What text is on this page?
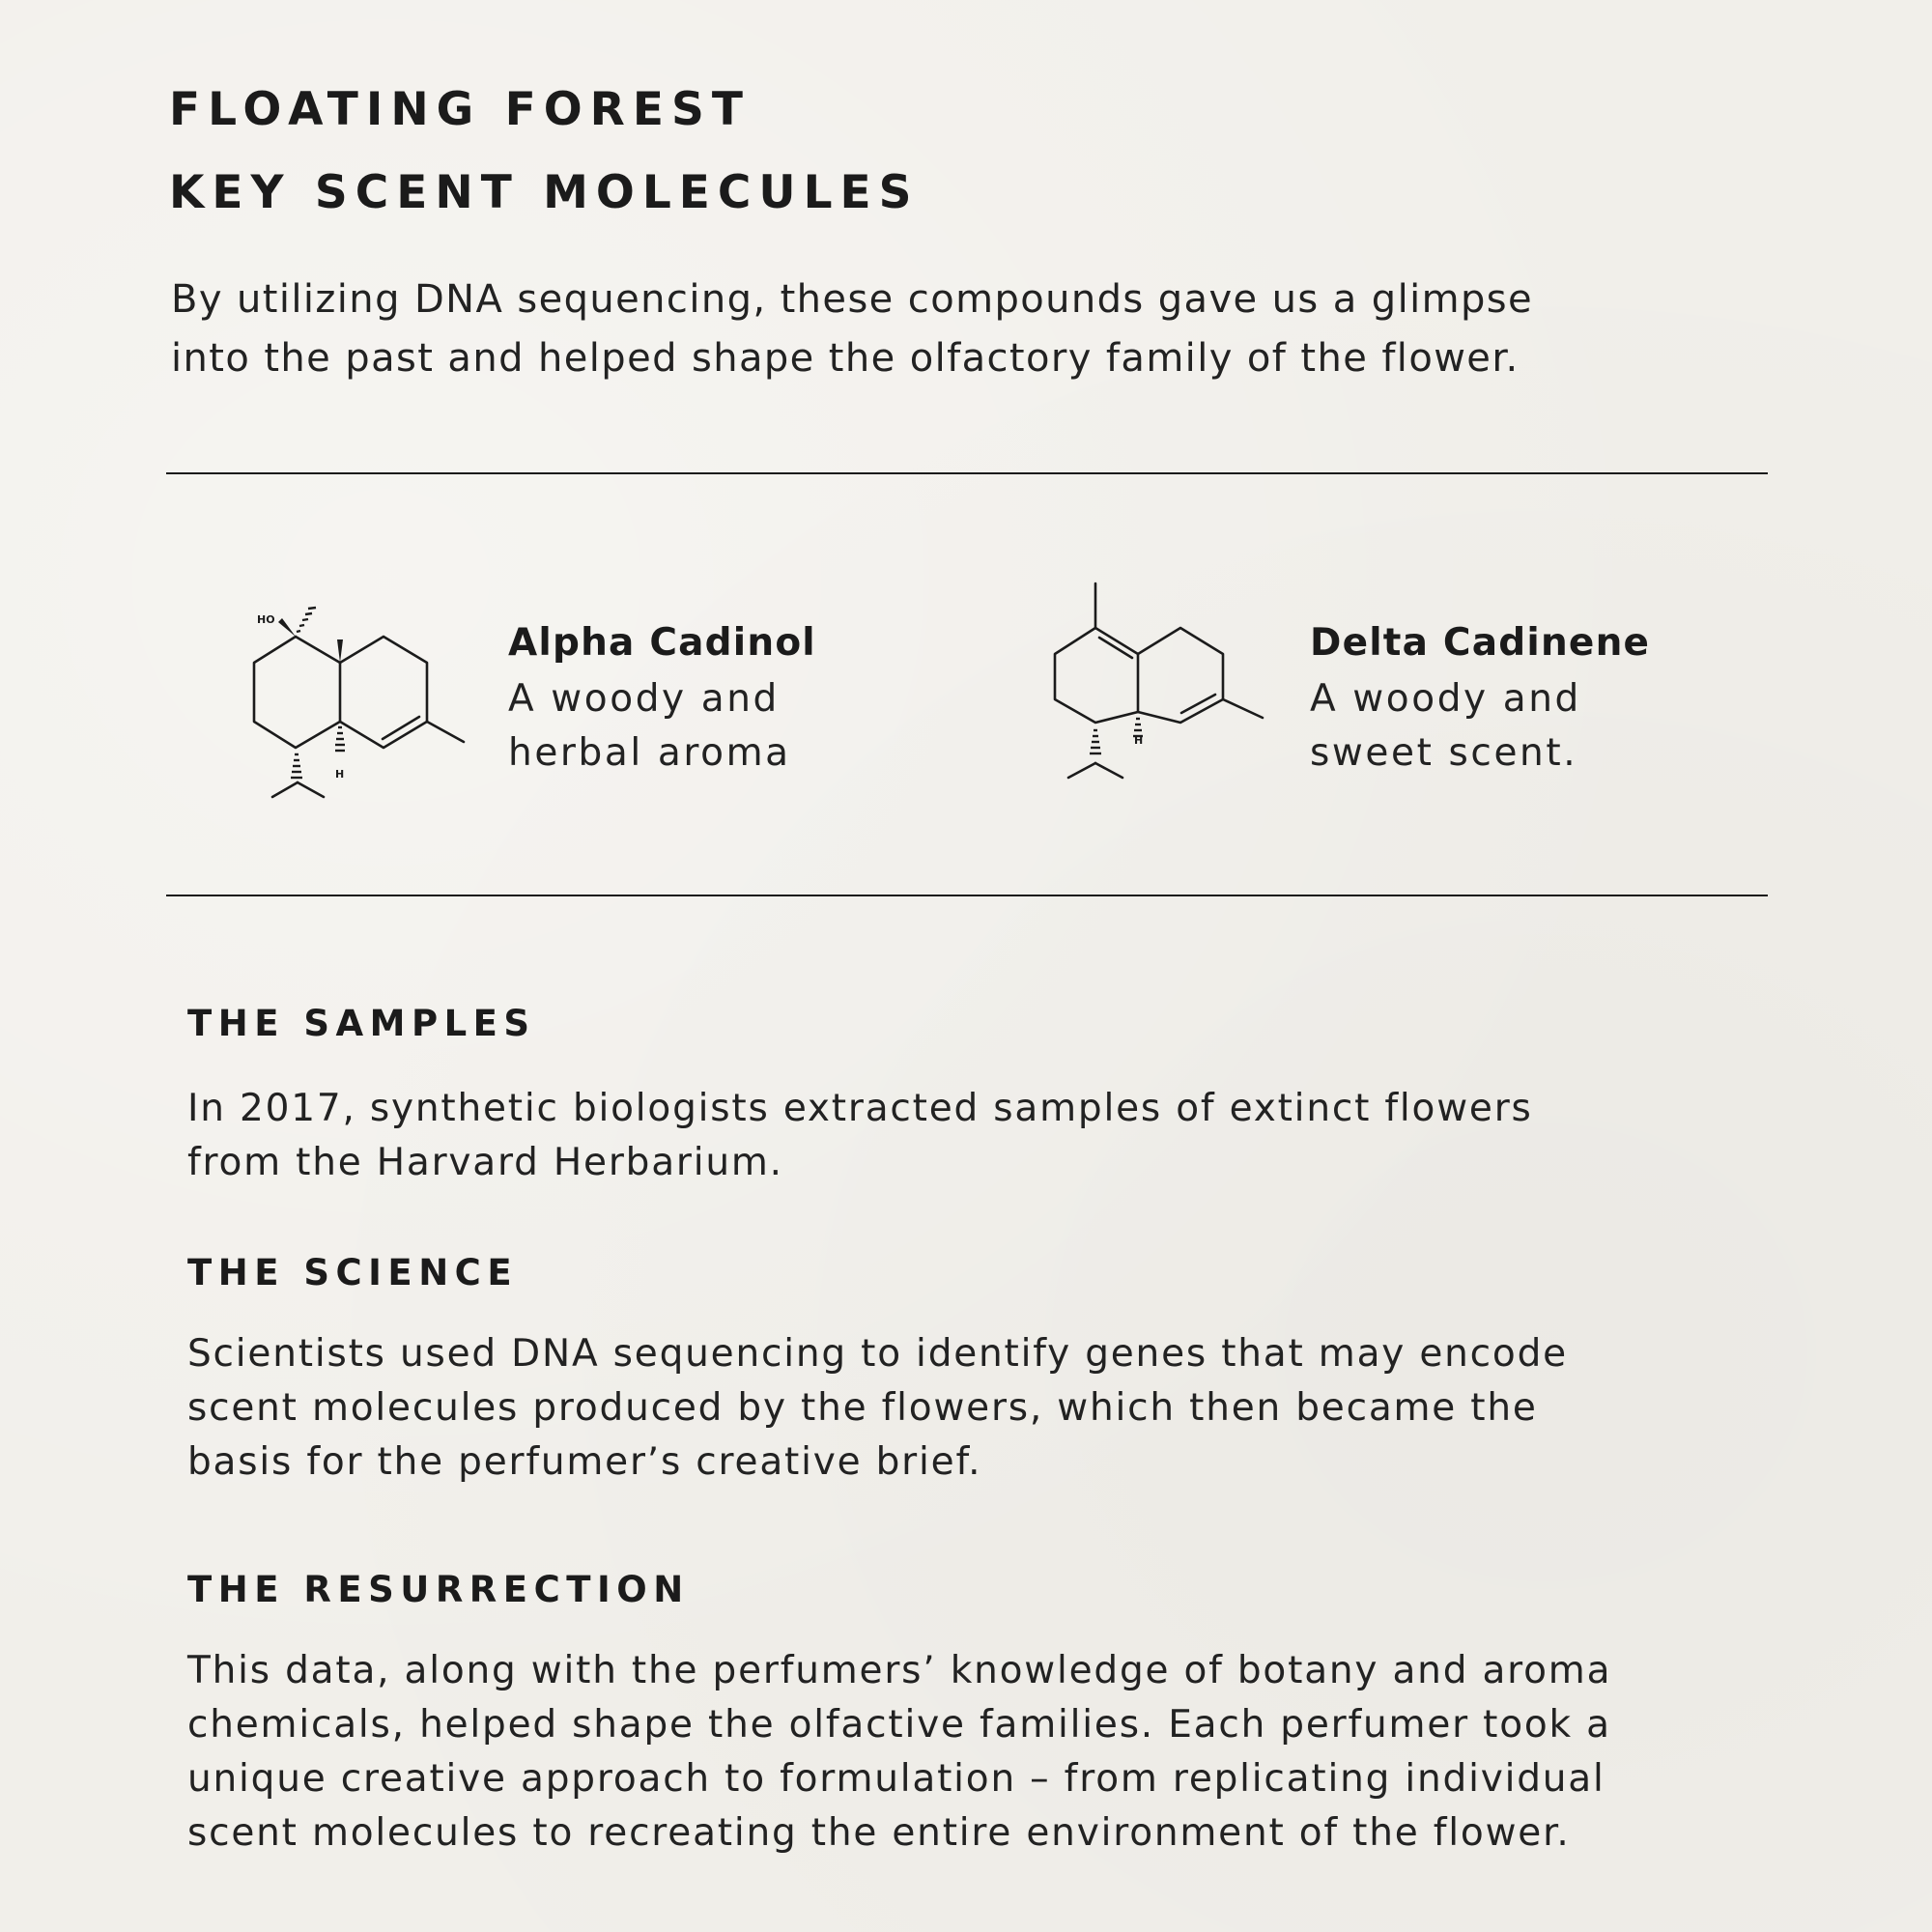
FLOATING FOREST
KEY SCENT MOLECULES

By utilizing DNA sequencing, these compounds gave us a glimpse
into the past and helped shape the olfactory family of the flower.

HO
H

Alpha Cadinol

A woody and
herbal aroma	H

Delta Cadinene

A woody and
sweet scent.

THE SAMPLES

In 2017, synthetic biologists extracted samples of extinct flowers
from the Harvard Herbarium.

THE SCIENCE

Scientists used DNA sequencing to identify genes that may encode
scent molecules produced by the flowers, which then became the
basis for the perfumer’s creative brief.

THE RESURRECTION

This data, along with the perfumers’ knowledge of botany and aroma
chemicals, helped shape the olfactive families. Each perfumer took a
unique creative approach to formulation – from replicating individual
scent molecules to recreating the entire environment of the flower.
